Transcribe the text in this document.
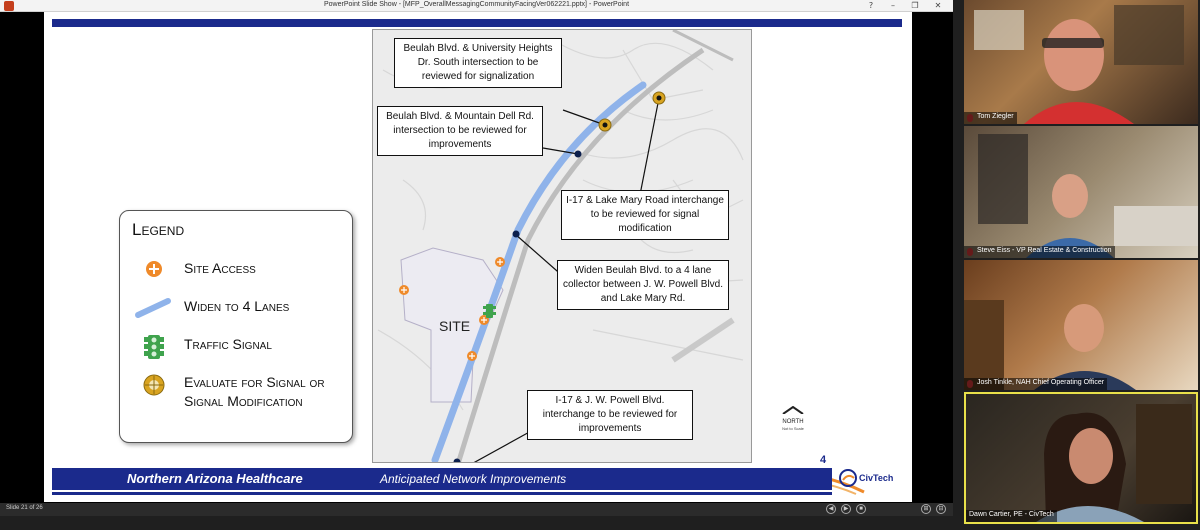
PowerPoint Slide Show - [MFP_OverallMessagingCommunityFacingVer062221.pptx] - PowerPoint	?	–	❐	✕
Legend
Site Access
Widen to 4 Lanes
Traffic Signal
Evaluate for Signal or Signal Modification
SITE
Beulah Blvd. & University Heights Dr. South intersection to be reviewed for signalization
Beulah Blvd. & Mountain Dell Rd. intersection to be reviewed for improvements
I-17 & Lake Mary Road interchange to be reviewed for signal modification
Widen Beulah Blvd. to a 4 lane collector between J. W. Powell Blvd. and Lake Mary Rd.
I-17 & J. W. Powell Blvd. interchange to be reviewed for improvements
NORTH
Not to Scale
4
Northern Arizona Healthcare	Anticipated Network Improvements	CivTech
Slide 21 of 26	◀	▶	■	⊞	⊟
Tom Ziegler
Steve Eiss - VP Real Estate & Construction
Josh Tinkle, NAH Chief Operating Officer
Dawn Cartier, PE - CivTech
